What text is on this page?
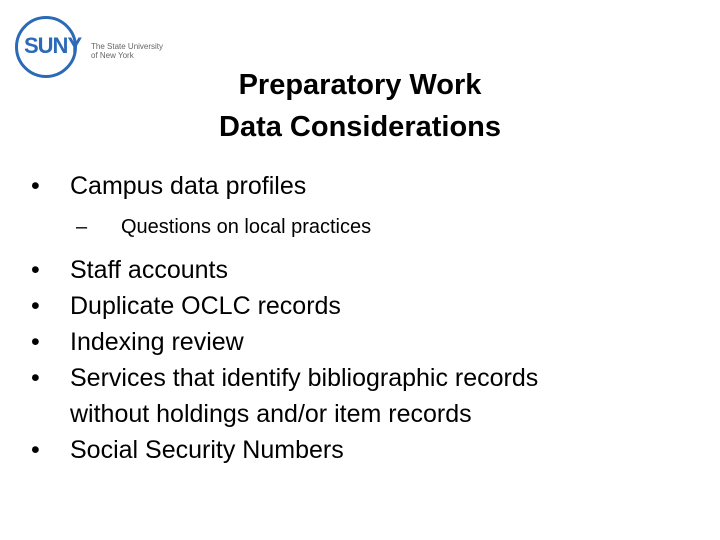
SUNY The State University
of New York
Preparatory Work
Data Considerations
• Campus data profiles
– Questions on local practices
• Staff accounts
• Duplicate OCLC records
• Indexing review
• Services that identify bibliographic records
without holdings and/or item records
• Social Security Numbers
